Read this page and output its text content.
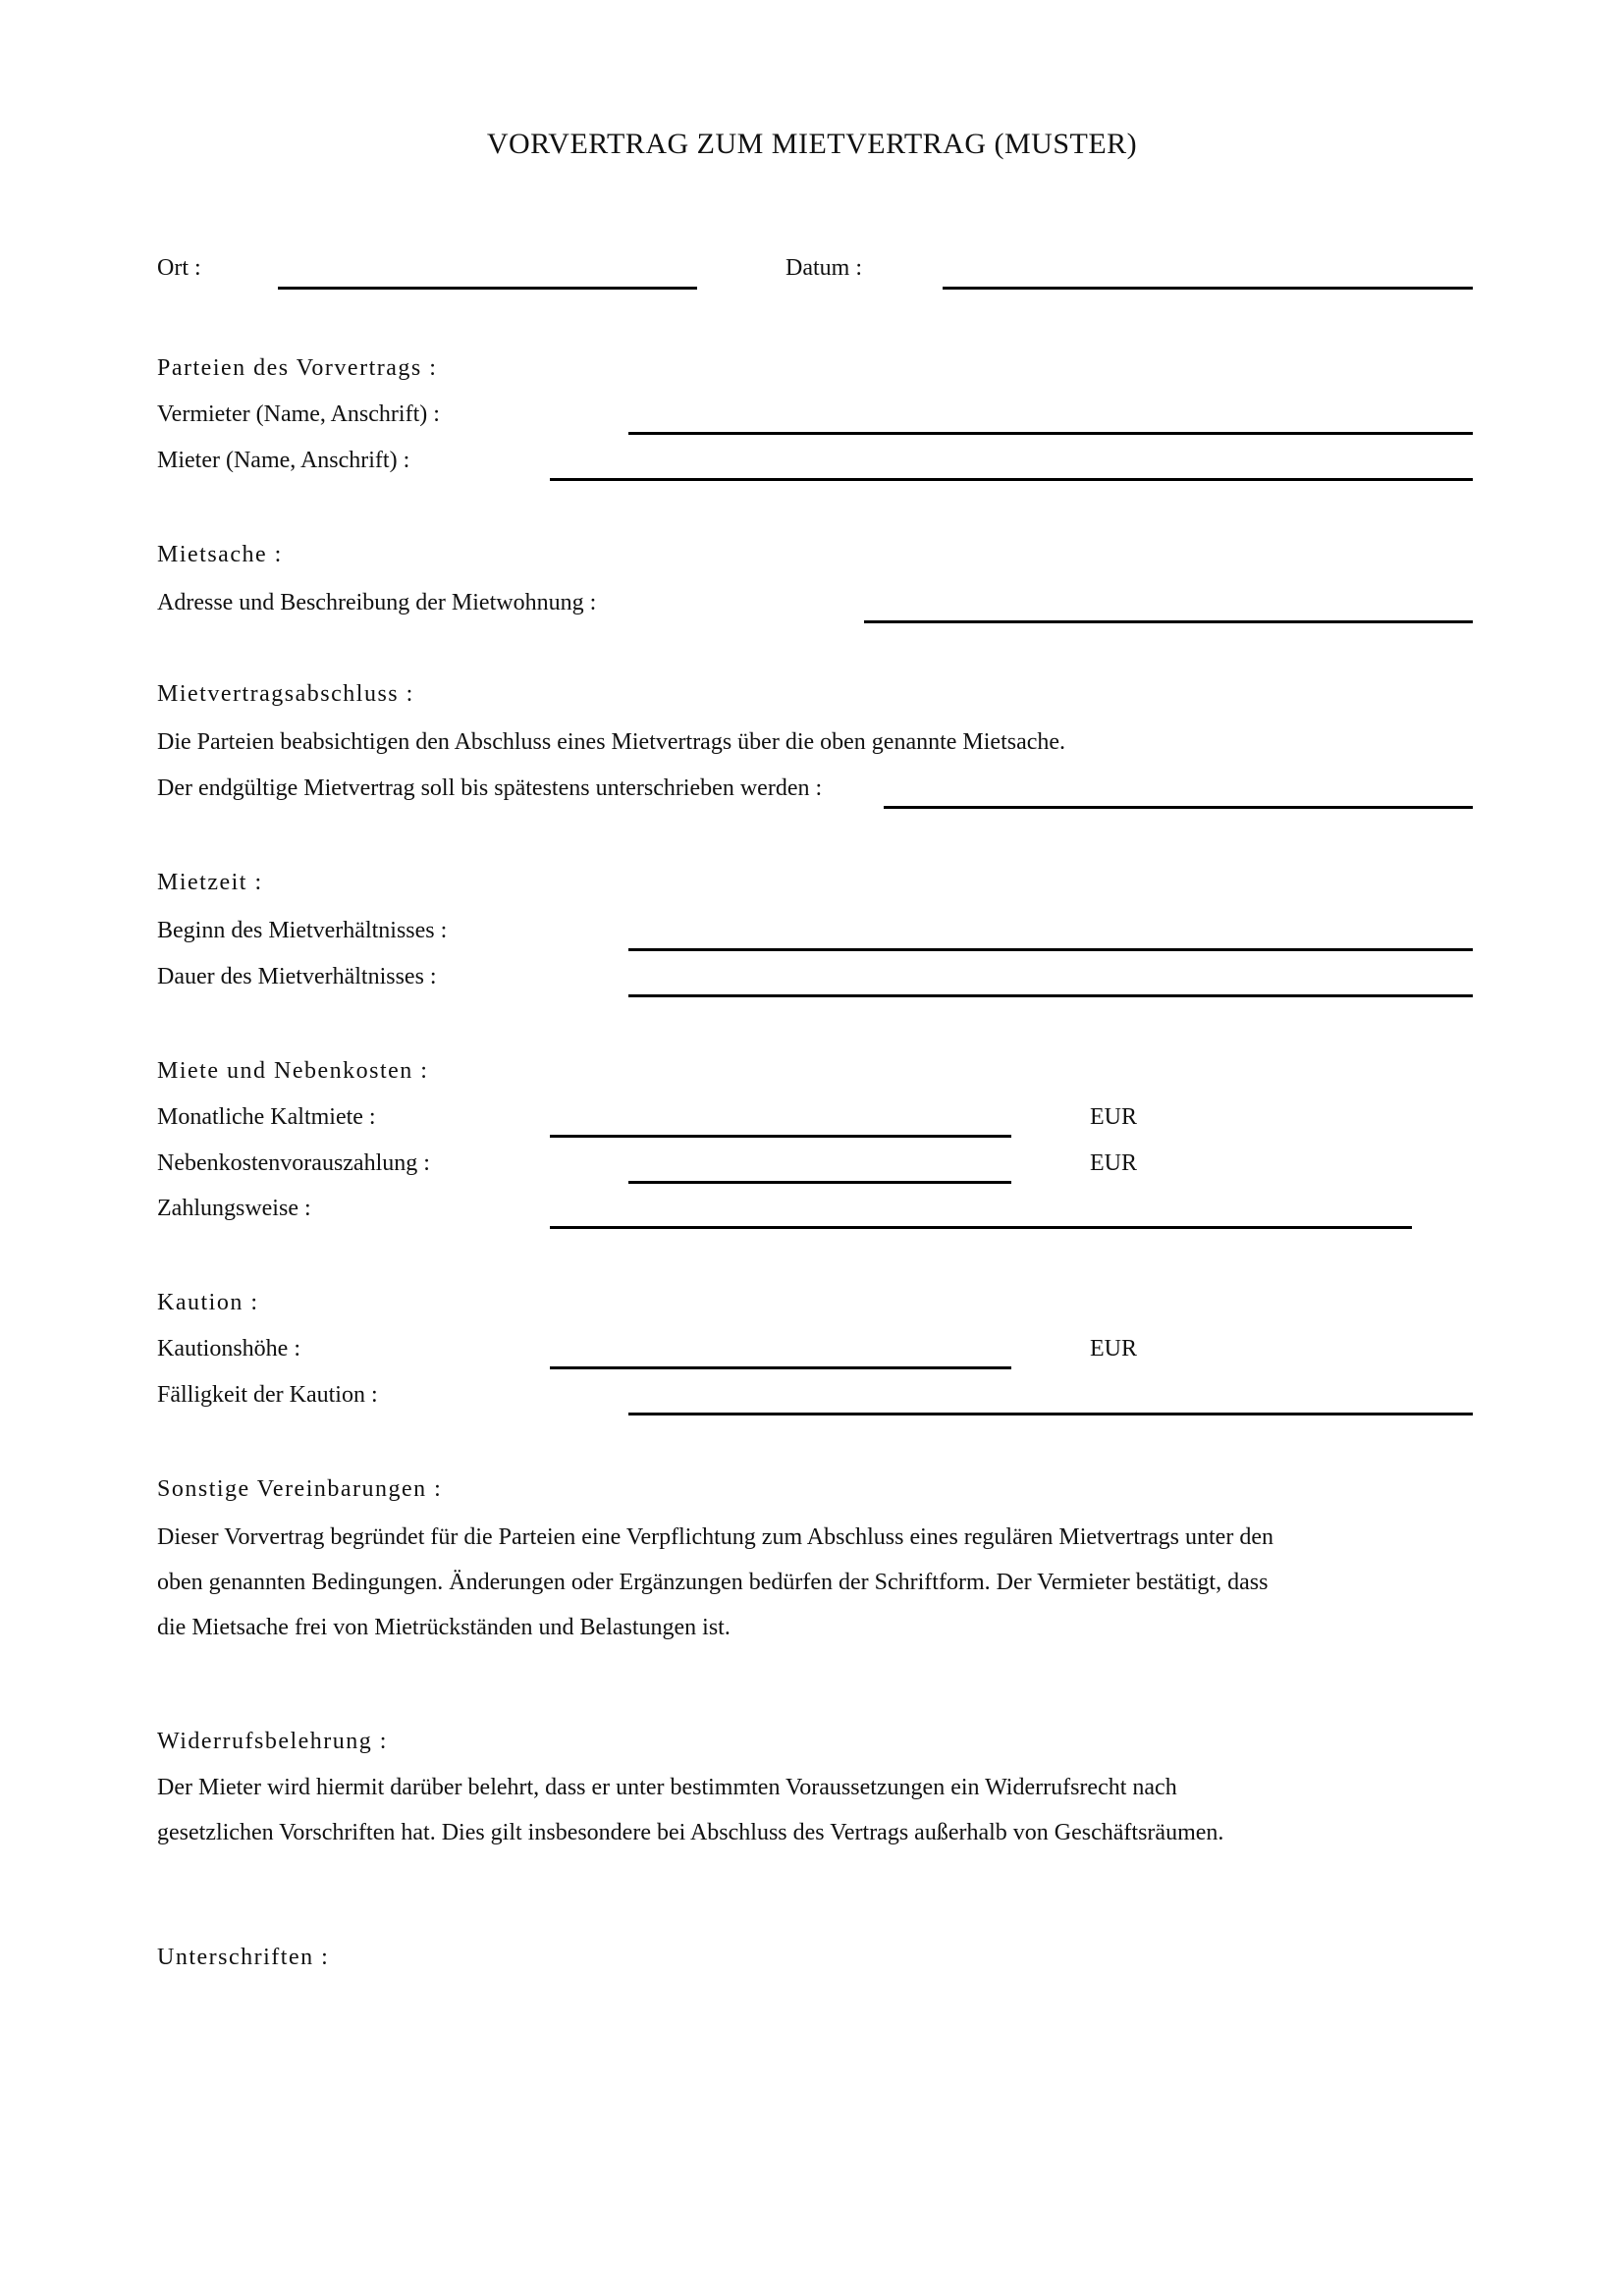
VORVERTRAG ZUM MIETVERTRAG (MUSTER)
Ort :	Datum :
Parteien des Vorvertrags :
Vermieter (Name, Anschrift) :
Mieter (Name, Anschrift) :
Mietsache :
Adresse und Beschreibung der Mietwohnung :
Mietvertragsabschluss :
Die Parteien beabsichtigen den Abschluss eines Mietvertrags über die oben genannte Mietsache.
Der endgültige Mietvertrag soll bis spätestens unterschrieben werden :
Mietzeit :
Beginn des Mietverhältnisses :
Dauer des Mietverhältnisses :
Miete und Nebenkosten :
Monatliche Kaltmiete :	EUR
Nebenkostenvorauszahlung :	EUR
Zahlungsweise :
Kaution :
Kautionshöhe :	EUR
Fälligkeit der Kaution :
Sonstige Vereinbarungen :
Dieser Vorvertrag begründet für die Parteien eine Verpflichtung zum Abschluss eines regulären Mietvertrags unter den
oben genannten Bedingungen. Änderungen oder Ergänzungen bedürfen der Schriftform. Der Vermieter bestätigt, dass
die Mietsache frei von Mietrückständen und Belastungen ist.
Widerrufsbelehrung :
Der Mieter wird hiermit darüber belehrt, dass er unter bestimmten Voraussetzungen ein Widerrufsrecht nach
gesetzlichen Vorschriften hat. Dies gilt insbesondere bei Abschluss des Vertrags außerhalb von Geschäftsräumen.
Unterschriften :
